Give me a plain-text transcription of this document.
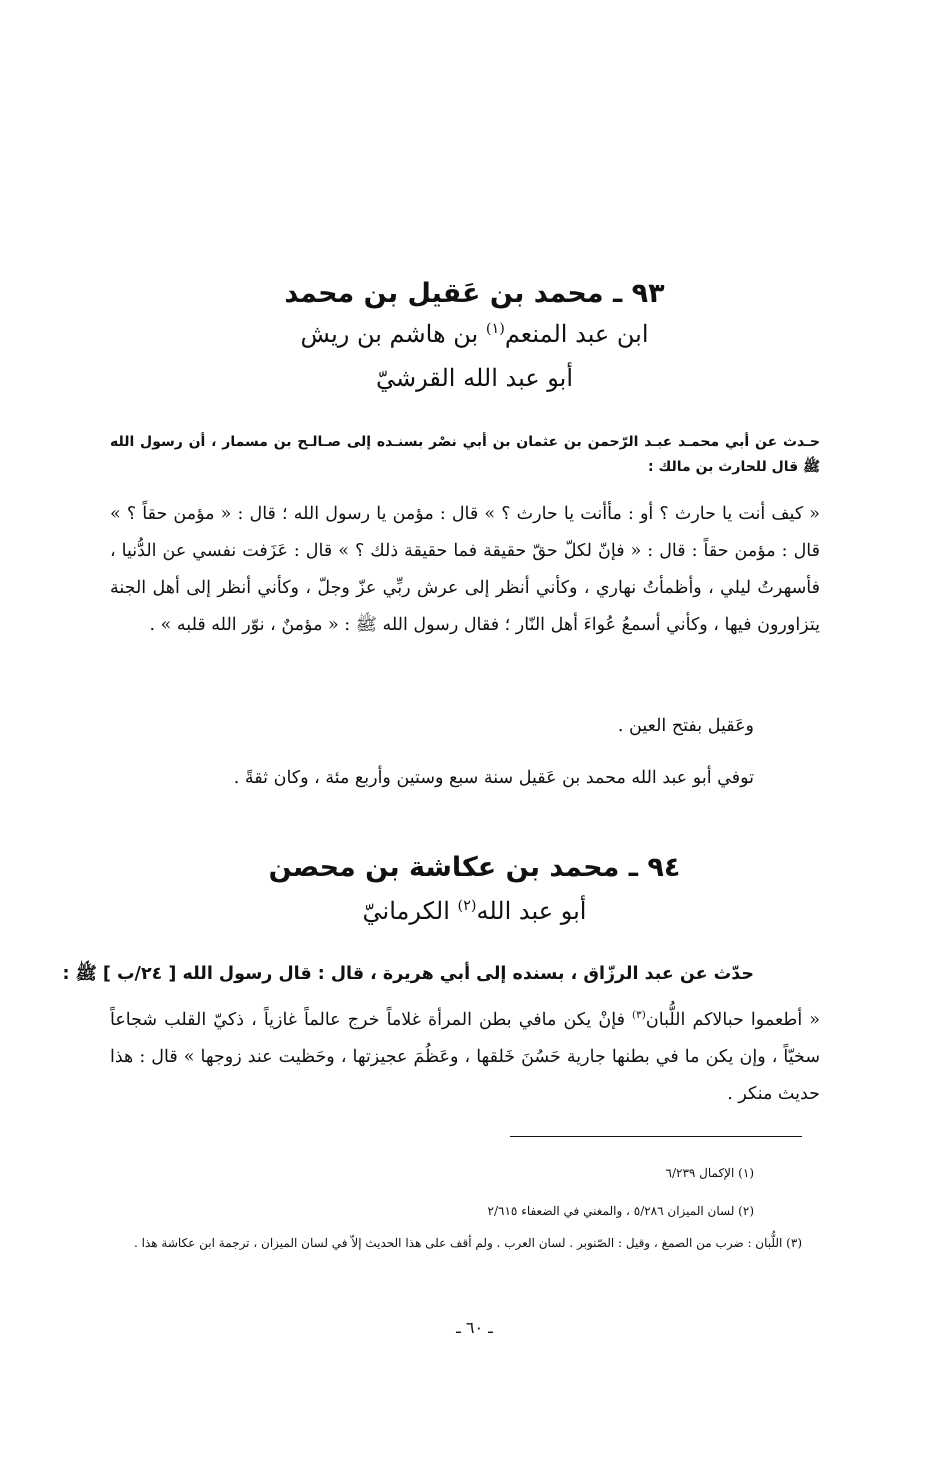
٩٣ ـ محمد بن عَقيل بن محمد
ابن عبد المنعم$^{(١)}$ بن هاشم بن ريش
أبو عبد الله القرشيّ
حـدث عن أبي محمـد عبـد الرّحمن بن عثمان بن أبي نصْر بسنـده إلى صـالـح بن مسمار ، أن رسول الله ﷺ قال للحارث بن مالك :
« كيف أنت يا حارث ؟ أو : مأأنت يا حارث ؟ » قال : مؤمن يا رسول الله ؛ قال : « مؤمن حقاً ؟ » قال : مؤمن حقاً : قال : « فإنّ لكلّ حقّ حقيقة فما حقيقة ذلك ؟ » قال : عَزَفت نفسي عن الدُّنيا ، فأسهرتُ ليلي ، وأظمأتُ نهاري ، وكأني أنظر إلى عرش ربِّي عزّ وجلّ ، وكأني أنظر إلى أهل الجنة يتزاورون فيها ، وكأني أسمعُ عُواءَ أهل النّار ؛ فقال رسول الله ﷺ : « مؤمنٌ ، نوّر الله قلبه » .
وعَقيل بفتح العين .
توفي أبو عبد الله محمد بن عَقيل سنة سبع وستين وأربع مئة ، وكان ثقةً .
٩٤ ـ محمد بن عكاشة بن محصن
أبو عبد الله$^{(٢)}$ الكرمانيّ
حدّث عن عبد الرزّاق ، بسنده إلى أبي هريرة ، قال : قال رسول الله [ ٢٤/ب ] ﷺ :
« أطعموا حبالاكم اللُّبان$^{(٣)}$ فإنْ يكن مافي بطن المرأة غلاماً خرج عالماً غازياً ، ذكيّ القلب شجاعاً سخيّاً ، وإن يكن ما في بطنها جارية حَسُنَ خَلقها ، وعَظُمَ عجيزتها ، وحَظيت عند زوجها » قال : هذا حديث منكر .
(١) الإكمال ٦/٢٣٩
(٢) لسان الميزان ٥/٢٨٦ ، والمغني في الضعفاء ٢/٦١٥
(٣) اللُّبان : ضرب من الصمغ ، وقيل : الصّنوبر . لسان العرب . ولم أقف على هذا الحديث إلاّ في لسان الميزان ، ترجمة ابن عكاشة هذا .
ـ ٦٠ ـ
